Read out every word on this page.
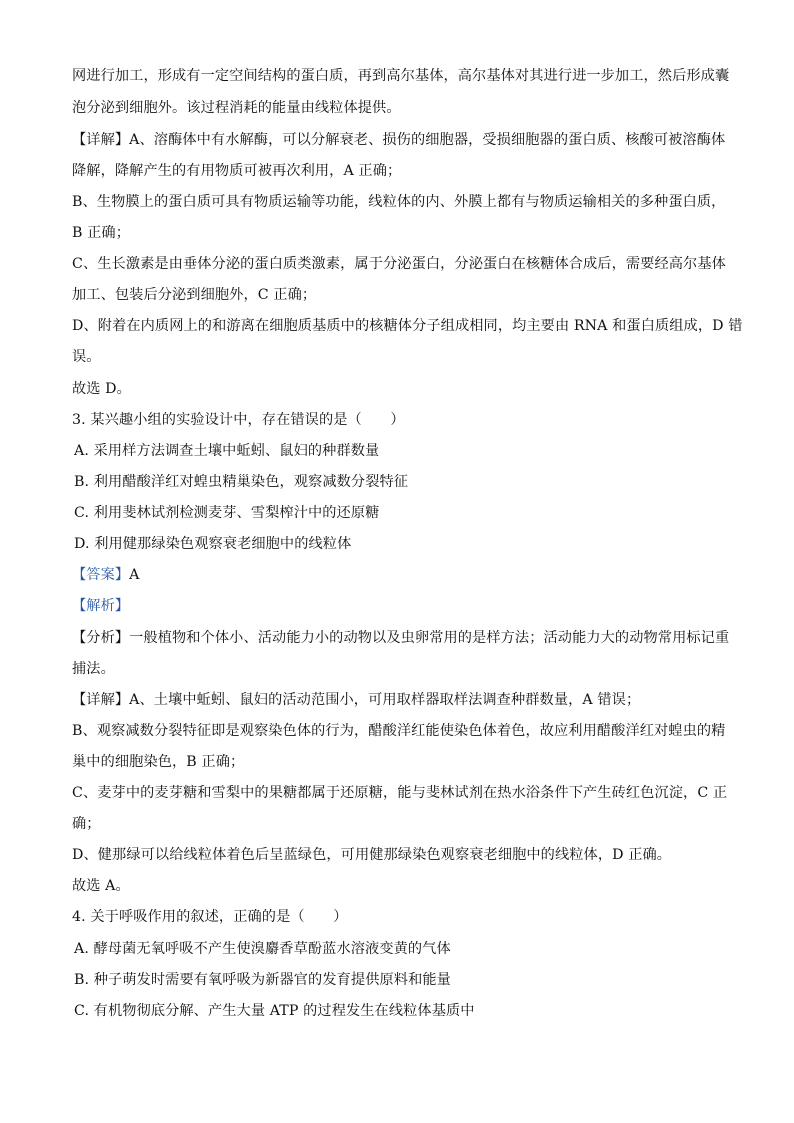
网进行加工，形成有一定空间结构的蛋白质，再到高尔基体，高尔基体对其进行进一步加工，然后形成囊
泡分泌到细胞外。该过程消耗的能量由线粒体提供。
【详解】A、溶酶体中有水解酶，可以分解衰老、损伤的细胞器，受损细胞器的蛋白质、核酸可被溶酶体
降解，降解产生的有用物质可被再次利用，A 正确；
B、生物膜上的蛋白质可具有物质运输等功能，线粒体的内、外膜上都有与物质运输相关的多种蛋白质，
B 正确；
C、生长激素是由垂体分泌的蛋白质类激素，属于分泌蛋白，分泌蛋白在核糖体合成后，需要经高尔基体
加工、包装后分泌到细胞外，C 正确；
D、附着在内质网上的和游离在细胞质基质中的核糖体分子组成相同，均主要由 RNA 和蛋白质组成，D 错
误。
故选 D。
3. 某兴趣小组的实验设计中，存在错误的是（　　）
A. 采用样方法调查土壤中蚯蚓、鼠妇的种群数量
B. 利用醋酸洋红对蝗虫精巢染色，观察减数分裂特征
C. 利用斐林试剂检测麦芽、雪梨榨汁中的还原糖
D. 利用健那绿染色观察衰老细胞中的线粒体
【答案】A
【解析】
【分析】一般植物和个体小、活动能力小的动物以及虫卵常用的是样方法；活动能力大的动物常用标记重
捕法。
【详解】A、土壤中蚯蚓、鼠妇的活动范围小，可用取样器取样法调查种群数量，A 错误；
B、观察减数分裂特征即是观察染色体的行为，醋酸洋红能使染色体着色，故应利用醋酸洋红对蝗虫的精
巢中的细胞染色，B 正确；
C、麦芽中的麦芽糖和雪梨中的果糖都属于还原糖，能与斐林试剂在热水浴条件下产生砖红色沉淀，C 正
确；
D、健那绿可以给线粒体着色后呈蓝绿色，可用健那绿染色观察衰老细胞中的线粒体，D 正确。
故选 A。
4. 关于呼吸作用的叙述，正确的是（　　）
A. 酵母菌无氧呼吸不产生使溴麝香草酚蓝水溶液变黄的气体
B. 种子萌发时需要有氧呼吸为新器官的发育提供原料和能量
C. 有机物彻底分解、产生大量 ATP 的过程发生在线粒体基质中
